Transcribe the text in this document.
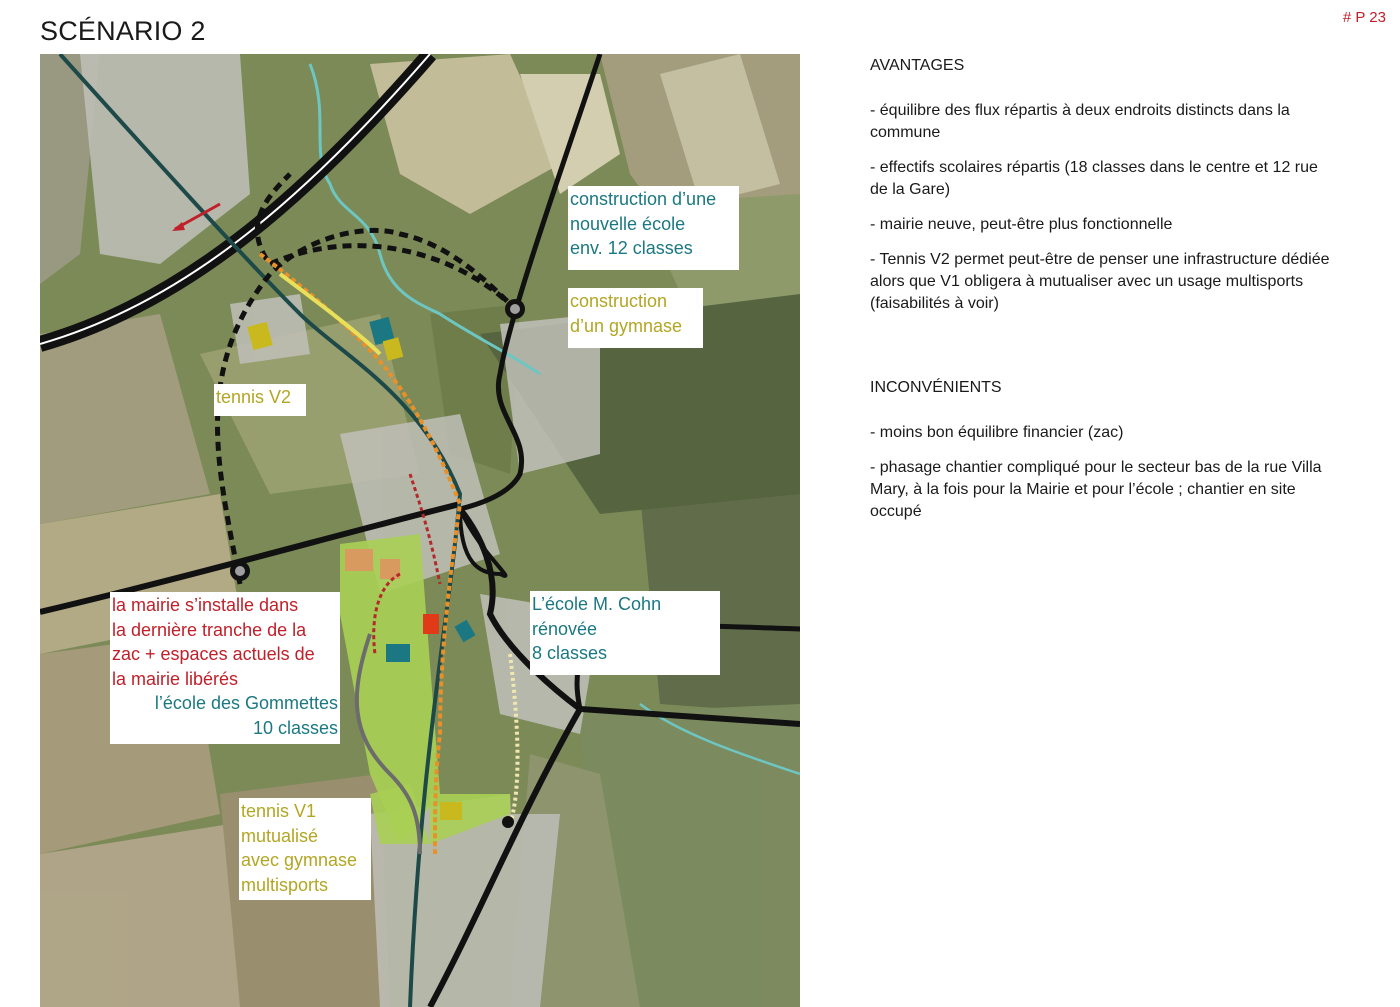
# P 23
SCÉNARIO 2
construction d’une
nouvelle école
env. 12 classes
construction
d’un gymnase
tennis V2
la mairie s’installe dans
la dernière tranche de la
zac + espaces actuels de
la mairie libérés
l’école des Gommettes
10 classes
L’école M. Cohn
rénovée
8 classes
tennis V1
mutualisé
avec gymnase
multisports
AVANTAGES
- équilibre des flux répartis à deux endroits distincts dans la commune
- effectifs scolaires répartis (18 classes dans le centre et 12 rue de la Gare)
- mairie neuve, peut-être plus fonctionnelle
- Tennis V2 permet peut-être de penser une infrastructure dédiée alors que V1 obligera à mutualiser avec un usage multisports (faisabilités à voir)
INCONVÉNIENTS
- moins bon équilibre financier (zac)
- phasage chantier compliqué pour le secteur bas de la rue Villa Mary, à la fois pour la Mairie et pour l’école ; chantier en site occupé
